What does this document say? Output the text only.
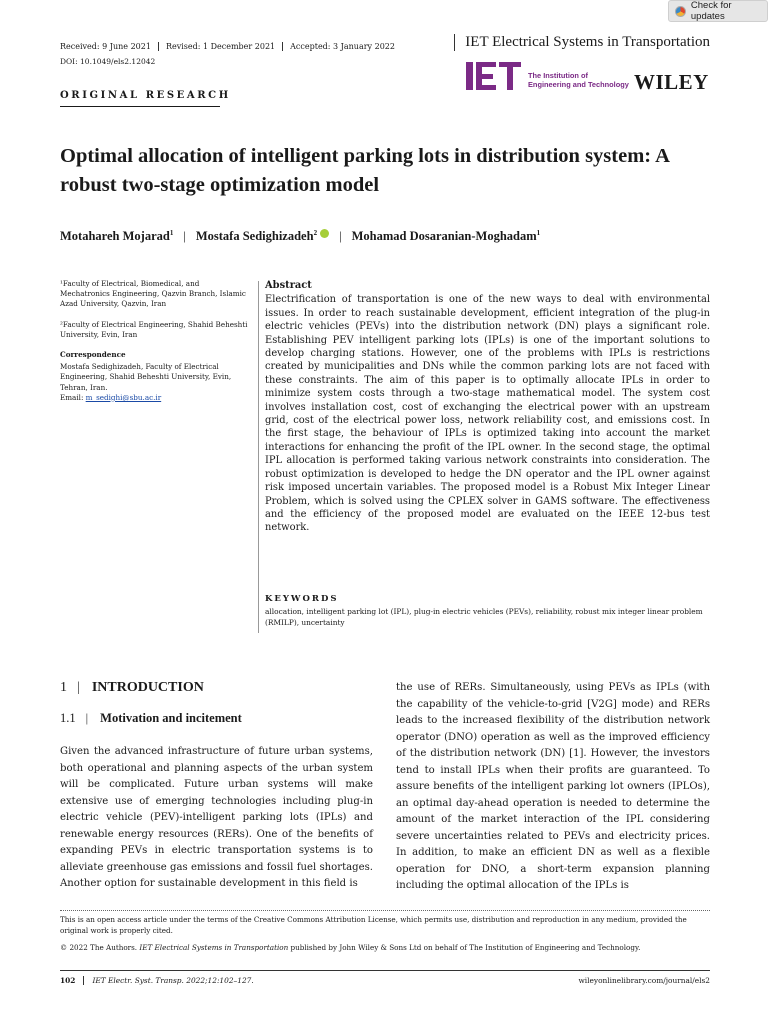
Check for updates
Received: 9 June 2021	Revised: 1 December 2021	Accepted: 3 January 2022	IET Electrical Systems in Transportation
DOI: 10.1049/els2.12042
The Institution of
Engineering and Technology WILEY
ORIGINAL RESEARCH
Optimal allocation of intelligent parking lots in distribution system: A robust two-stage optimization model
Motahareh Mojarad$^1$ | Mostafa Sedighizadeh$^2$	| Mohamad Dosaranian-Moghadam$^1$

¹Faculty of Electrical, Biomedical, and Mechatronics Engineering, Qazvin Branch, Islamic Azad University, Qazvin, Iran

²Faculty of Electrical Engineering, Shahid Beheshti University, Evin, Iran

Correspondence
Mostafa Sedighizadeh, Faculty of Electrical Engineering, Shahid Beheshti University, Evin, Tehran, Iran.
Email: m_sedighi@sbu.ac.ir
Abstract
Electrification of transportation is one of the new ways to deal with environmental issues. In order to reach sustainable development, efficient integration of the plug-in electric vehicles (PEVs) into the distribution network (DN) plays a significant role. Establishing PEV intelligent parking lots (IPLs) is one of the important solutions to develop charging stations. However, one of the problems with IPLs is restrictions created by municipalities and DNs while the common parking lots are not faced with these constraints. The aim of this paper is to optimally allocate IPLs in order to minimize system costs through a two-stage mathematical model. The system cost involves installation cost, cost of exchanging the electrical power with an upstream grid, cost of the electrical power loss, network reliability cost, and emissions cost. In the first stage, the behaviour of IPLs is optimized taking into account the market interactions for enhancing the profit of the IPL owner. In the second stage, the optimal IPL allocation is performed taking various network constraints into consideration. The robust optimization is developed to hedge the DN operator and the IPL owner against risk imposed uncertain variables. The proposed model is a Robust Mix Integer Linear Problem, which is solved using the CPLEX solver in GAMS software. The effectiveness and the efficiency of the proposed model are evaluated on the IEEE 12-bus test network.
KEYWORDS
allocation, intelligent parking lot (IPL), plug-in electric vehicles (PEVs), reliability, robust mix integer linear problem (RMILP), uncertainty
1 | INTRODUCTION
1.1 | Motivation and incitement
Given the advanced infrastructure of future urban systems, both operational and planning aspects of the urban system will be complicated. Future urban systems will make extensive use of emerging technologies including plug-in electric vehicle (PEV)-intelligent parking lots (IPLs) and renewable energy resources (RERs). One of the benefits of expanding PEVs in electric transportation systems is to alleviate greenhouse gas emissions and fossil fuel shortages. Another option for sustainable development in this field is
the use of RERs. Simultaneously, using PEVs as IPLs (with the capability of the vehicle-to-grid [V2G] mode) and RERs leads to the increased flexibility of the distribution network operator (DNO) operation as well as the improved efficiency of the distribution network (DN) [1]. However, the investors tend to install IPLs when their profits are guaranteed. To assure benefits of the intelligent parking lot owners (IPLOs), an optimal day-ahead operation is needed to determine the amount of the market interaction of the IPL considering severe uncertainties related to PEVs and electricity prices. In addition, to make an efficient DN as well as a flexible operation for DNO, a short-term expansion planning including the optimal allocation of the IPLs is
This is an open access article under the terms of the Creative Commons Attribution License, which permits use, distribution and reproduction in any medium, provided the original work is properly cited.
© 2022 The Authors. IET Electrical Systems in Transportation published by John Wiley & Sons Ltd on behalf of The Institution of Engineering and Technology.
102	IET Electr. Syst. Transp. 2022;12:102–127.	wileyonlinelibrary.com/journal/els2
